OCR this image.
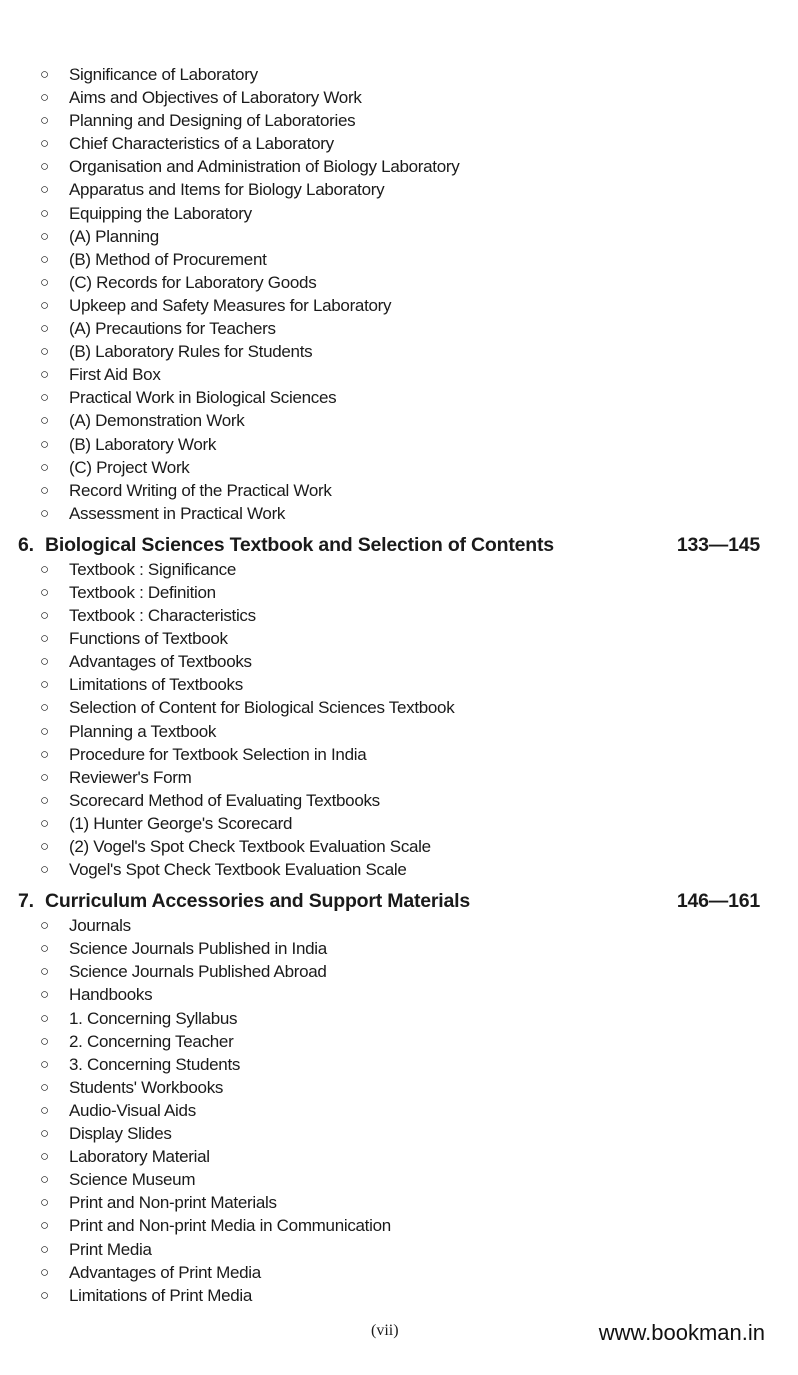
○ Significance of Laboratory
○ Aims and Objectives of Laboratory Work
○ Planning and Designing of Laboratories
○ Chief Characteristics of a Laboratory
○ Organisation and Administration of Biology Laboratory
○ Apparatus and Items for Biology Laboratory
○ Equipping the Laboratory
○ (A) Planning
○ (B) Method of Procurement
○ (C) Records for Laboratory Goods
○ Upkeep and Safety Measures for Laboratory
○ (A) Precautions for Teachers
○ (B) Laboratory Rules for Students
○ First Aid Box
○ Practical Work in Biological Sciences
○ (A) Demonstration Work
○ (B) Laboratory Work
○ (C) Project Work
○ Record Writing of the Practical Work
○ Assessment in Practical Work
6. Biological Sciences Textbook and Selection of Contents	133—145
○ Textbook : Significance
○ Textbook : Definition
○ Textbook : Characteristics
○ Functions of Textbook
○ Advantages of Textbooks
○ Limitations of Textbooks
○ Selection of Content for Biological Sciences Textbook
○ Planning a Textbook
○ Procedure for Textbook Selection in India
○ Reviewer's Form
○ Scorecard Method of Evaluating Textbooks
○ (1) Hunter George's Scorecard
○ (2) Vogel's Spot Check Textbook Evaluation Scale
○ Vogel's Spot Check Textbook Evaluation Scale
7. Curriculum Accessories and Support Materials	146—161
○ Journals
○ Science Journals Published in India
○ Science Journals Published Abroad
○ Handbooks
○ 1. Concerning Syllabus
○ 2. Concerning Teacher
○ 3. Concerning Students
○ Students' Workbooks
○ Audio-Visual Aids
○ Display Slides
○ Laboratory Material
○ Science Museum
○ Print and Non-print Materials
○ Print and Non-print Media in Communication
○ Print Media
○ Advantages of Print Media
○ Limitations of Print Media
(vii)	www.bookman.in
